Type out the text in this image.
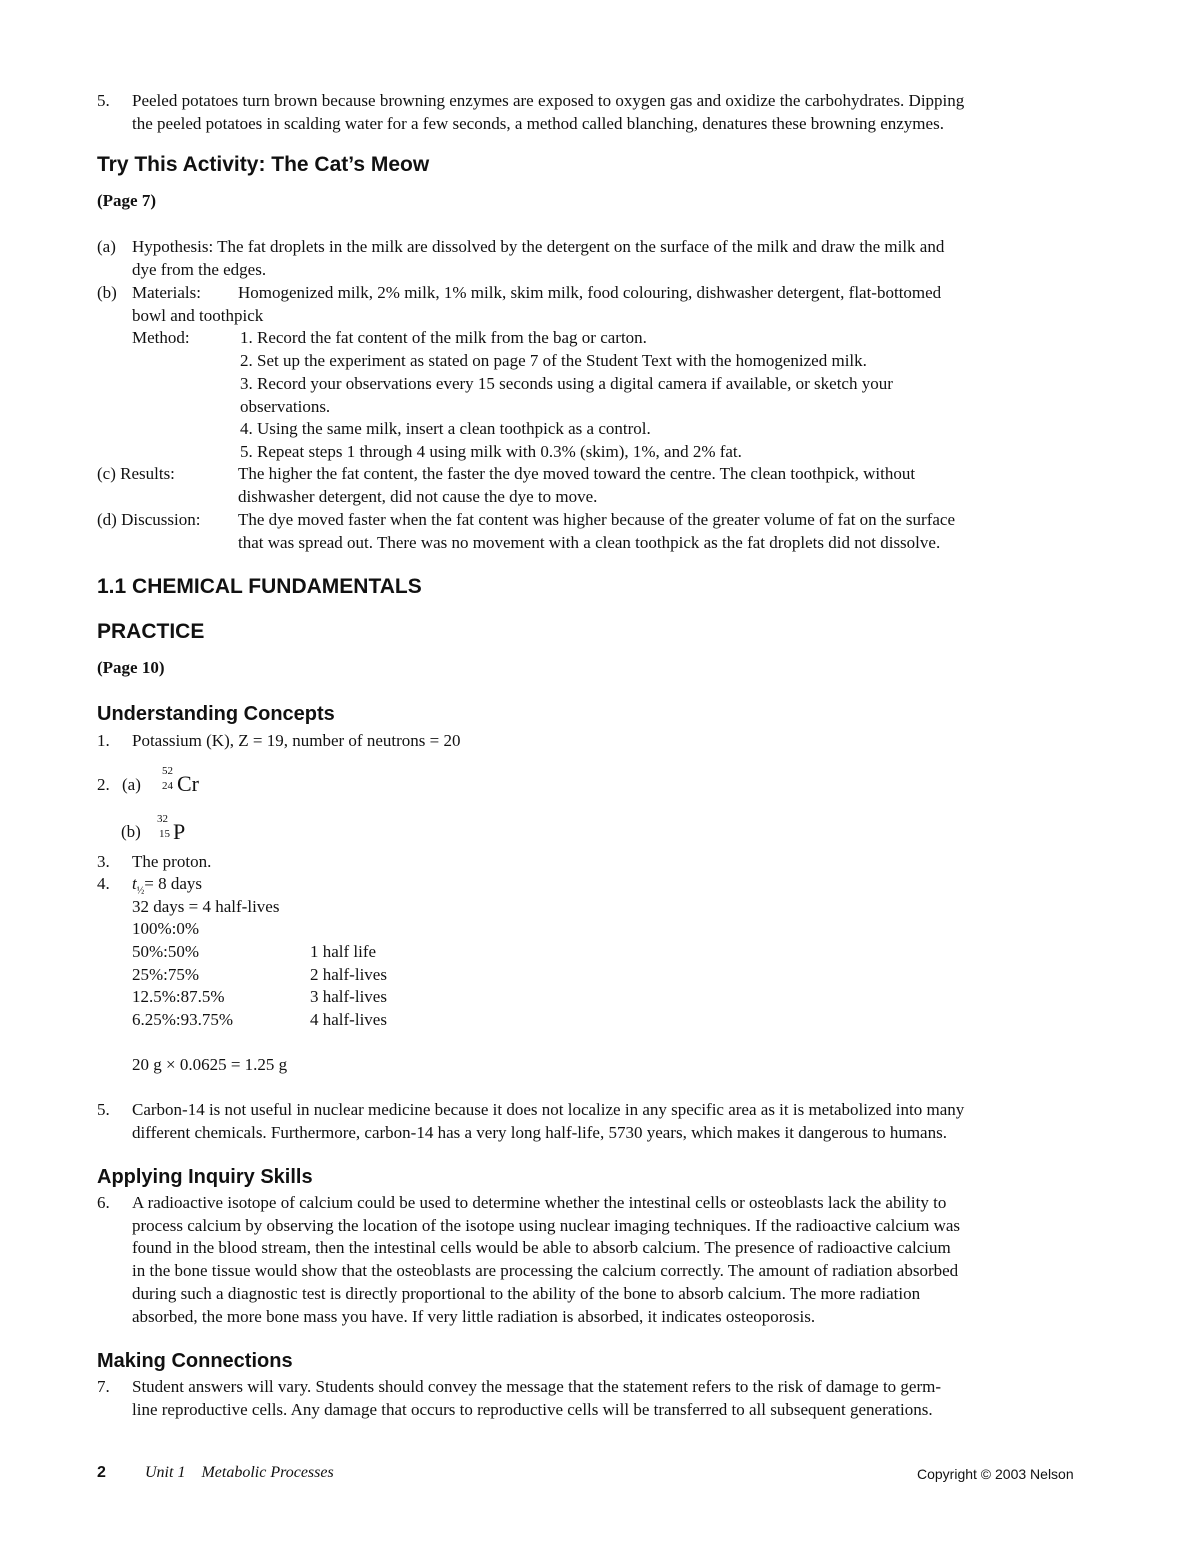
5.	Peeled potatoes turn brown because browning enzymes are exposed to oxygen gas and oxidize the carbohydrates. Dipping
the peeled potatoes in scalding water for a few seconds, a method called blanching, denatures these browning enzymes.
Try This Activity: The Cat’s Meow
(Page 7)
(a) Hypothesis: The fat droplets in the milk are dissolved by the detergent on the surface of the milk and draw the milk and
dye from the edges.
(b) Materials: Homogenized milk, 2% milk, 1% milk, skim milk, food colouring, dishwasher detergent, flat-bottomed
bowl and toothpick
Method:	1. Record the fat content of the milk from the bag or carton.
2. Set up the experiment as stated on page 7 of the Student Text with the homogenized milk.
3. Record your observations every 15 seconds using a digital camera if available, or sketch your
observations.
4. Using the same milk, insert a clean toothpick as a control.
5. Repeat steps 1 through 4 using milk with 0.3% (skim), 1%, and 2% fat.
(c) Results:	The higher the fat content, the faster the dye moved toward the centre. The clean toothpick, without
dishwasher detergent, did not cause the dye to move.
(d) Discussion: The dye moved faster when the fat content was higher because of the greater volume of fat on the surface
that was spread out. There was no movement with a clean toothpick as the fat droplets did not dissolve.
1.1 CHEMICAL FUNDAMENTALS
PRACTICE
(Page 10)
Understanding Concepts
1.	Potassium (K), Z = 19, number of neutrons = 20
2. (a)
52
24 Cr
(b)
32
15 P
3.	The proton.
4.	$t_{\frac{1}{2}}= 8$ days
32 days = 4 half-lives
100%:0%
50%:50%	1 half life
25%:75%	2 half-lives
12.5%:87.5%	3 half-lives
6.25%:93.75%	4 half-lives
20 g × 0.0625 = 1.25 g
5.	Carbon-14 is not useful in nuclear medicine because it does not localize in any specific area as it is metabolized into many
different chemicals. Furthermore, carbon-14 has a very long half-life, 5730 years, which makes it dangerous to humans.
Applying Inquiry Skills
6.	A radioactive isotope of calcium could be used to determine whether the intestinal cells or osteoblasts lack the ability to
process calcium by observing the location of the isotope using nuclear imaging techniques. If the radioactive calcium was
found in the blood stream, then the intestinal cells would be able to absorb calcium. The presence of radioactive calcium
in the bone tissue would show that the osteoblasts are processing the calcium correctly. The amount of radiation absorbed
during such a diagnostic test is directly proportional to the ability of the bone to absorb calcium. The more radiation
absorbed, the more bone mass you have. If very little radiation is absorbed, it indicates osteoporosis.
Making Connections
7.	Student answers will vary. Students should convey the message that the statement refers to the risk of damage to germ-
line reproductive cells. Any damage that occurs to reproductive cells will be transferred to all subsequent generations.
2 Unit 1    Metabolic Processes	Copyright © 2003 Nelson
